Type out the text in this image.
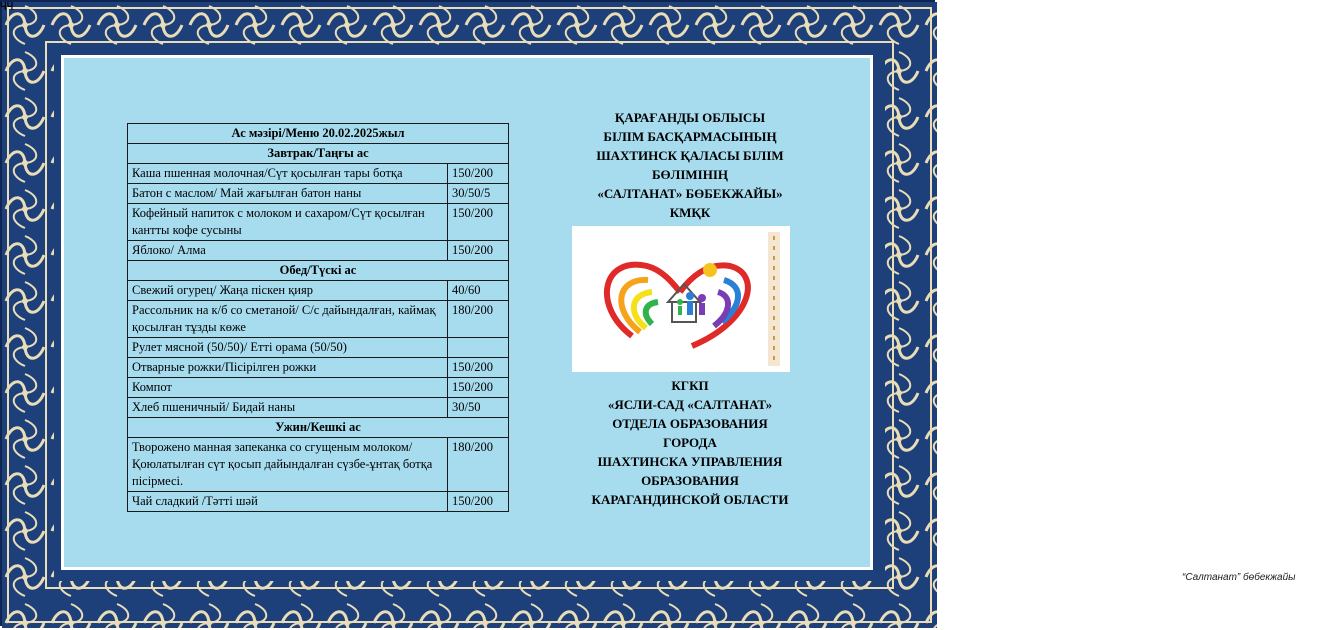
ЧЧ
Ас мәзірі/Меню 20.02.2025жыл	
Завтрак/Таңғы ас	
Каша пшенная молочная/Сүт қосылған тары ботқа	150/200
Батон с маслом/ Май жағылған батон наны	30/50/5
Кофейный напиток с молоком и сахаром/Сүт қосылған кантты кофе сусыны	150/200
Яблоко/ Алма	150/200
Обед/Түскі ас	
Свежий огурец/ Жаңа піскен қияр	40/60
Рассольник на к/б со сметаной/ С/с дайындалған, каймақ қосылған тұзды көже	180/200
Рулет мясной (50/50)/ Етті орама (50/50)	
Отварные рожки/Пісірілген рожки	150/200
Компот	150/200
Хлеб пшеничный/ Бидай наны	30/50
Ужин/Кешкі ас	
Творожено манная запеканка со сгущеным молоком/ Қоюлатылған сүт қосып дайындалған сүзбе-ұнтақ ботқа пісірмесі.	180/200
Чай сладкий /Тәтті шәй	150/200
ҚАРАҒАНДЫ ОБЛЫСЫ
БІЛІМ БАСҚАРМАСЫНЫҢ
ШАХТИНСК ҚАЛАСЫ БІЛІМ
БӨЛІМІНІҢ
«САЛТАНАТ» БӨБЕКЖАЙЫ»
КМҚК
“Салтанат” бөбекжайы
КГКП
«ЯСЛИ-САД «САЛТАНАТ»
ОТДЕЛА ОБРАЗОВАНИЯ
ГОРОДА
ШАХТИНСКА УПРАВЛЕНИЯ
ОБРАЗОВАНИЯ
КАРАГАНДИНСКОЙ ОБЛАСТИ
